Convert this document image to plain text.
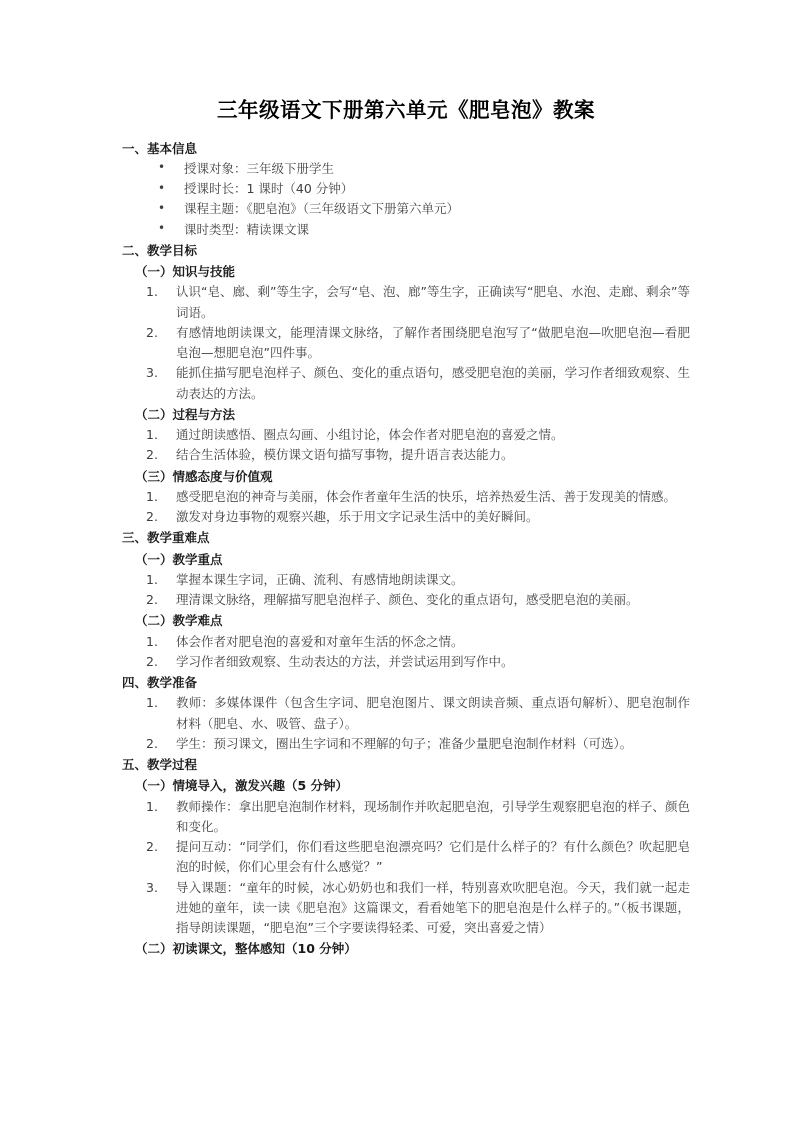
三年级语文下册第六单元《肥皂泡》教案
一、基本信息
• 授课对象：三年级下册学生
• 授课时长：1 课时（40 分钟）
• 课程主题：《肥皂泡》（三年级语文下册第六单元）
• 课时类型：精读课文课
二、教学目标
（一）知识与技能
认识“皂、廊、剩”等生字，会写“皂、泡、廊”等生字，正确读写“肥皂、水泡、走廊、剩余”等词语。
有感情地朗读课文，能理清课文脉络，了解作者围绕肥皂泡写了“做肥皂泡—吹肥皂泡—看肥皂泡—想肥皂泡”四件事。
能抓住描写肥皂泡样子、颜色、变化的重点语句，感受肥皂泡的美丽，学习作者细致观察、生动表达的方法。
（二）过程与方法
通过朗读感悟、圈点勾画、小组讨论，体会作者对肥皂泡的喜爱之情。
结合生活体验，模仿课文语句描写事物，提升语言表达能力。
（三）情感态度与价值观
感受肥皂泡的神奇与美丽，体会作者童年生活的快乐，培养热爱生活、善于发现美的情感。
激发对身边事物的观察兴趣，乐于用文字记录生活中的美好瞬间。
三、教学重难点
（一）教学重点
掌握本课生字词，正确、流利、有感情地朗读课文。
理清课文脉络，理解描写肥皂泡样子、颜色、变化的重点语句，感受肥皂泡的美丽。
（二）教学难点
体会作者对肥皂泡的喜爱和对童年生活的怀念之情。
学习作者细致观察、生动表达的方法，并尝试运用到写作中。
四、教学准备
教师：多媒体课件（包含生字词、肥皂泡图片、课文朗读音频、重点语句解析）、肥皂泡制作材料（肥皂、水、吸管、盘子）。
学生：预习课文，圈出生字词和不理解的句子；准备少量肥皂泡制作材料（可选）。
五、教学过程
（一）情境导入，激发兴趣（5 分钟）
教师操作：拿出肥皂泡制作材料，现场制作并吹起肥皂泡，引导学生观察肥皂泡的样子、颜色和变化。
提问互动：“同学们，你们看这些肥皂泡漂亮吗？它们是什么样子的？有什么颜色？吹起肥皂泡的时候，你们心里会有什么感觉？”
导入课题：“童年的时候，冰心奶奶也和我们一样，特别喜欢吹肥皂泡。今天，我们就一起走进她的童年，读一读《肥皂泡》这篇课文，看看她笔下的肥皂泡是什么样子的。”（板书课题，指导朗读课题，“肥皂泡”三个字要读得轻柔、可爱，突出喜爱之情）
（二）初读课文，整体感知（10 分钟）
